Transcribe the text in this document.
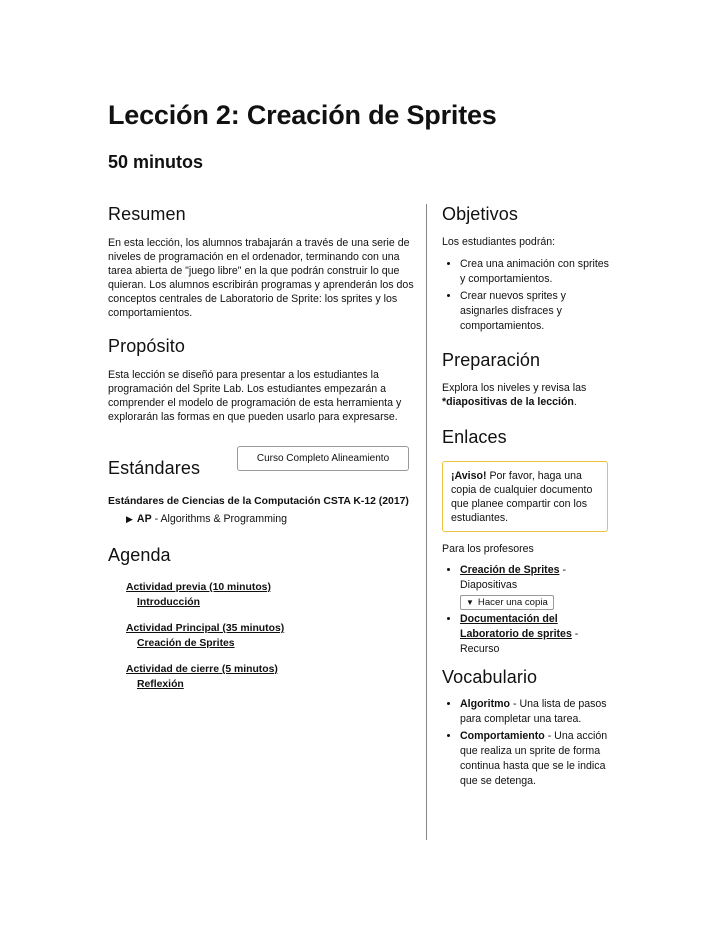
Lección 2: Creación de Sprites
50 minutos
Resumen

En esta lección, los alumnos trabajarán a través de una serie de niveles de programación en el ordenador, terminando con una tarea abierta de "juego libre" en la que podrán construir lo que quieran. Los alumnos escribirán programas y aprenderán los dos conceptos centrales de Laboratorio de Sprite: los sprites y los comportamientos.

Propósito

Esta lección se diseñó para presentar a los estudiantes la programación del Sprite Lab. Los estudiantes empezarán a comprender el modelo de programación de esta herramienta y explorarán las formas en que pueden usarlo para expresarse.

Estándares	Curso Completo Alineamiento
Estándares de Ciencias de la Computación CSTA K-12 (2017)
▶ AP - Algorithms & Programming
Agenda
Actividad previa (10 minutos)
Introducción
Actividad Principal (35 minutos)
Creación de Sprites
Actividad de cierre (5 minutos)
Reflexión
Objetivos

Los estudiantes podrán:

• Crea una animación con sprites y comportamientos.
• Crear nuevos sprites y asignarles disfraces y comportamientos.
Preparación

Explora los niveles y revisa las *diapositivas de la lección.

Enlaces
¡Aviso! Por favor, haga una copia de cualquier documento que planee compartir con los estudiantes.

Para los profesores

• Creación de Sprites - Diapositivas

▼ Hacer una copia
• Documentación del Laboratorio de sprites - Recurso
Vocabulario
• Algoritmo - Una lista de pasos para completar una tarea.
• Comportamiento - Una acción que realiza un sprite de forma continua hasta que se le indica que se detenga.
